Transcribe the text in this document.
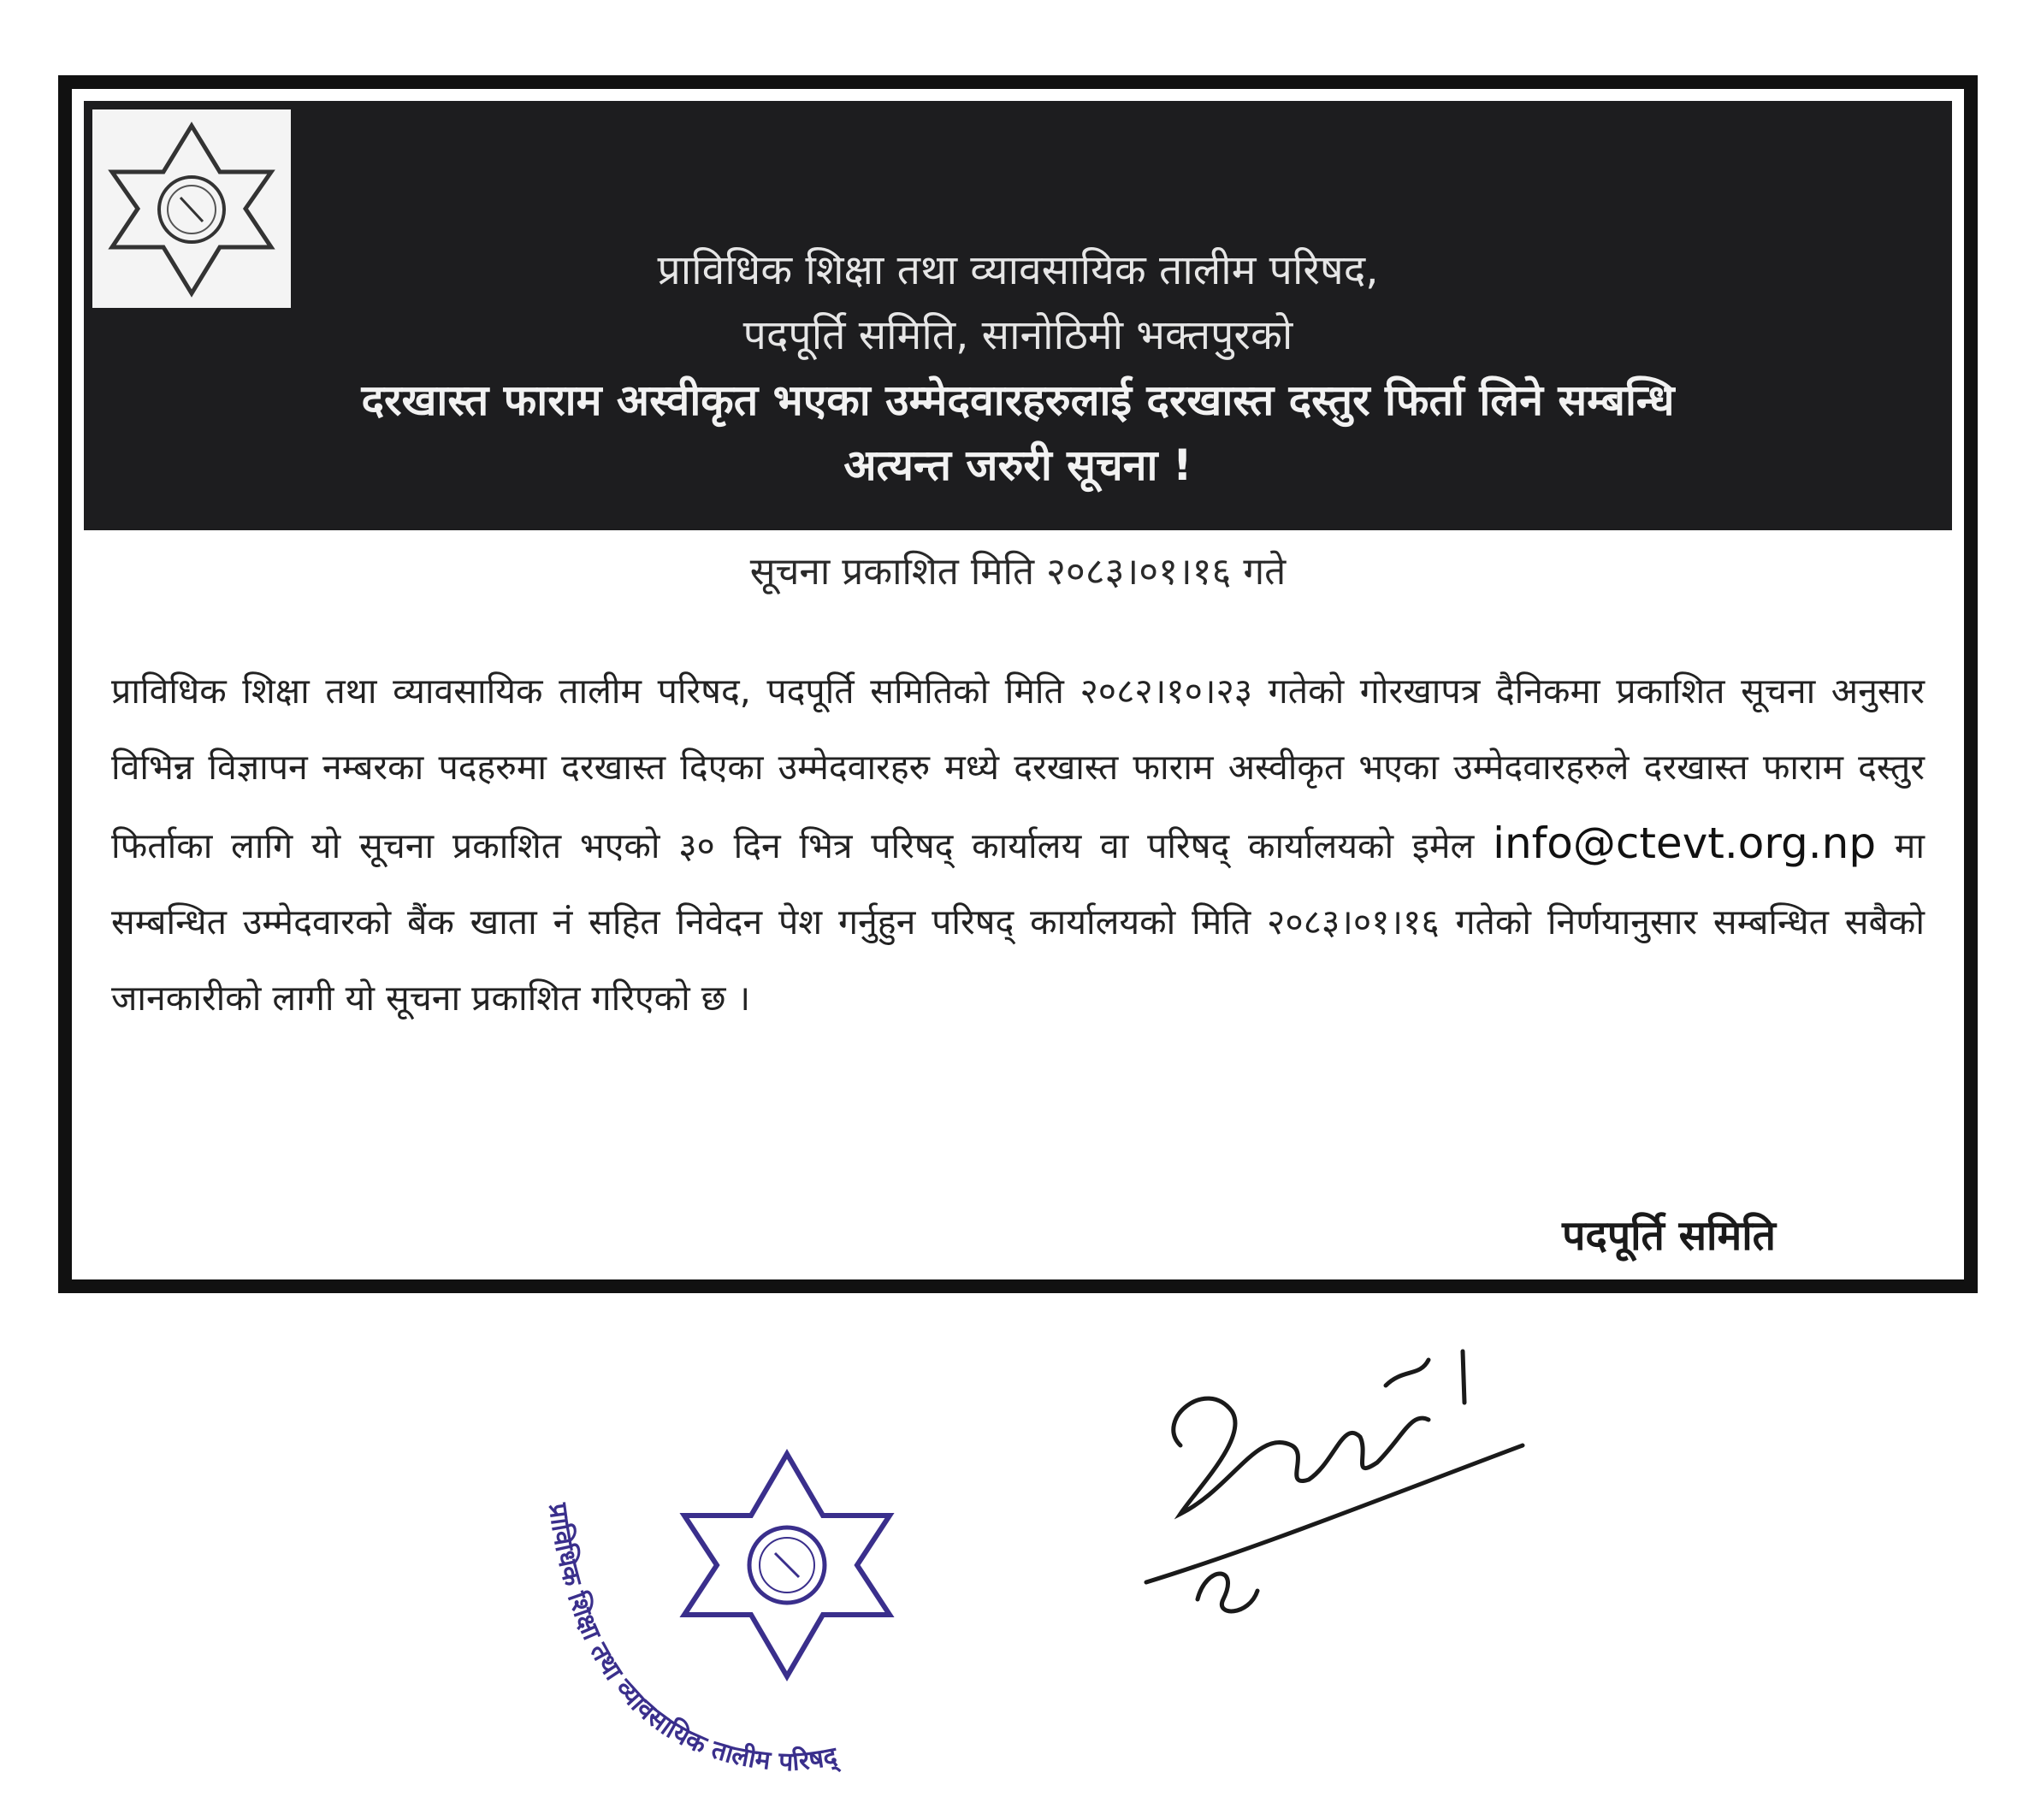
प्राविधिक शिक्षा तथा व्यावसायिक तालीम परिषद,
पदपूर्ति समिति, सानोठिमी भक्तपुरको
दरखास्त फाराम अस्वीकृत भएका उम्मेदवारहरुलाई दरखास्त दस्तुर फिर्ता लिने सम्बन्धि
अत्यन्त जरुरी सूचना !
सूचना प्रकाशित मिति २०८३।०१।१६ गते
प्राविधिक शिक्षा तथा व्यावसायिक तालीम परिषद, पदपूर्ति समितिको मिति २०८२।१०।२३ गतेको गोरखापत्र दैनिकमा प्रकाशित सूचना अनुसार विभिन्न विज्ञापन नम्बरका पदहरुमा दरखास्त दिएका उम्मेदवारहरु मध्ये दरखास्त फाराम अस्वीकृत भएका उम्मेदवारहरुले दरखास्त फाराम दस्तुर फिर्ताका लागि यो सूचना प्रकाशित भएको ३० दिन भित्र परिषद् कार्यालय वा परिषद् कार्यालयको इमेल info@ctevt.org.np मा सम्बन्धित उम्मेदवारको बैंक खाता नं सहित निवेदन पेश गर्नुहुन परिषद् कार्यालयको मिति २०८३।०१।१६ गतेको निर्णयानुसार सम्बन्धित सबैको जानकारीको लागी यो सूचना प्रकाशित गरिएको छ ।
पदपूर्ति समिति
प्राविधिक शिक्षा तथा व्यावसायिक तालीम परिषद्
